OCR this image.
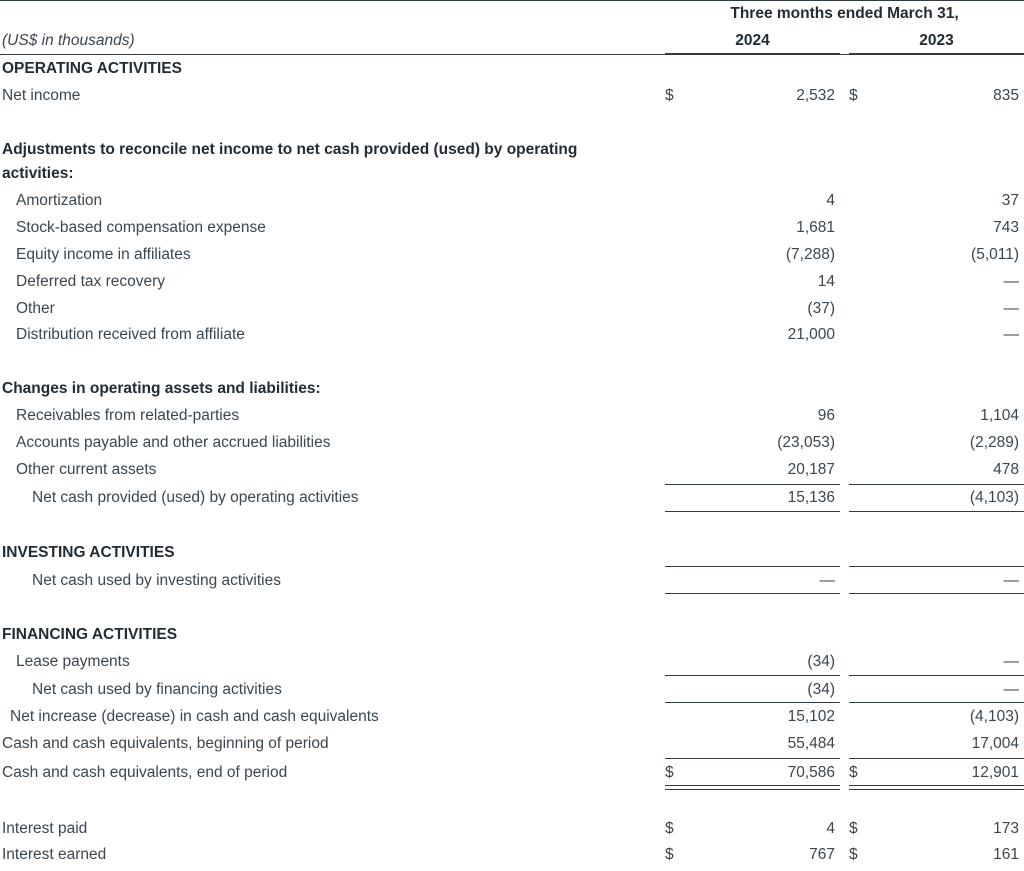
Three months ended March 31,
(US$ in thousands)	2024	2023
OPERATING ACTIVITIES
Net income	$	2,532 $	835
Adjustments to reconcile net income to net cash provided (used) by operating
activities:
Amortization	4	37
Stock-based compensation expense	1,681	743
Equity income in affiliates	(7,288)	(5,011)
Deferred tax recovery	14	—
Other	(37)	—
Distribution received from affiliate	21,000	—
Changes in operating assets and liabilities:
Receivables from related-parties	96	1,104
Accounts payable and other accrued liabilities	(23,053)	(2,289)
Other current assets	20,187	478
Net cash provided (used) by operating activities	15,136	(4,103)
INVESTING ACTIVITIES
Net cash used by investing activities	—	—
FINANCING ACTIVITIES
Lease payments	(34)	—
Net cash used by financing activities	(34)	—
Net increase (decrease) in cash and cash equivalents	15,102	(4,103)
Cash and cash equivalents, beginning of period	55,484	17,004
Cash and cash equivalents, end of period	$	70,586 $	12,901
Interest paid	$	4 $	173
Interest earned	$	767 $	161
